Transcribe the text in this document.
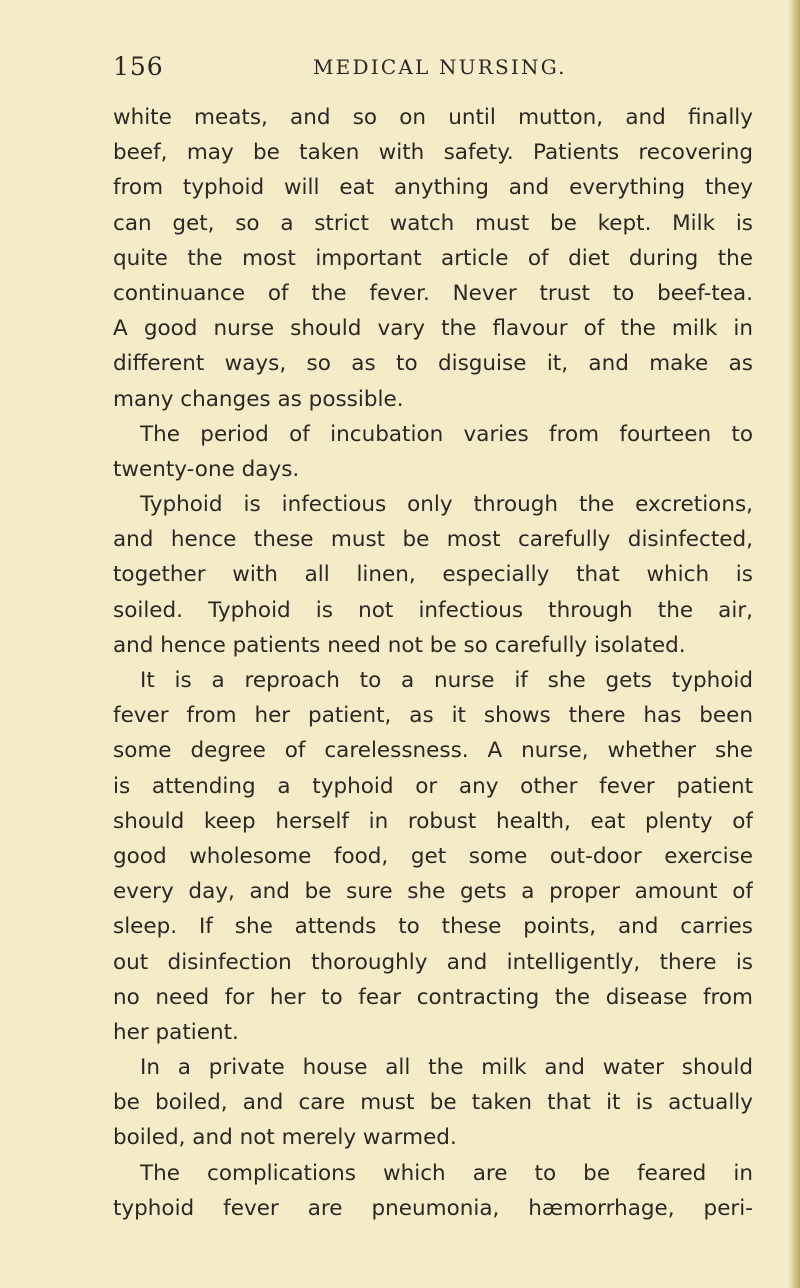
156	MEDICAL NURSING.
white meats, and so on until mutton, and finally
beef, may be taken with safety. Patients recovering
from typhoid will eat anything and everything they
can get, so a strict watch must be kept. Milk is
quite the most important article of diet during the
continuance of the fever. Never trust to beef-tea.
A good nurse should vary the flavour of the milk in
different ways, so as to disguise it, and make as
many changes as possible.
The period of incubation varies from fourteen to
twenty-one days.
Typhoid is infectious only through the excretions,
and hence these must be most carefully disinfected,
together with all linen, especially that which is
soiled. Typhoid is not infectious through the air,
and hence patients need not be so carefully isolated.
It is a reproach to a nurse if she gets typhoid
fever from her patient, as it shows there has been
some degree of carelessness. A nurse, whether she
is attending a typhoid or any other fever patient
should keep herself in robust health, eat plenty of
good wholesome food, get some out-door exercise
every day, and be sure she gets a proper amount of
sleep. If she attends to these points, and carries
out disinfection thoroughly and intelligently, there is
no need for her to fear contracting the disease from
her patient.
In a private house all the milk and water should
be boiled, and care must be taken that it is actually
boiled, and not merely warmed.
The complications which are to be feared in
typhoid fever are pneumonia, hæmorrhage, peri-
